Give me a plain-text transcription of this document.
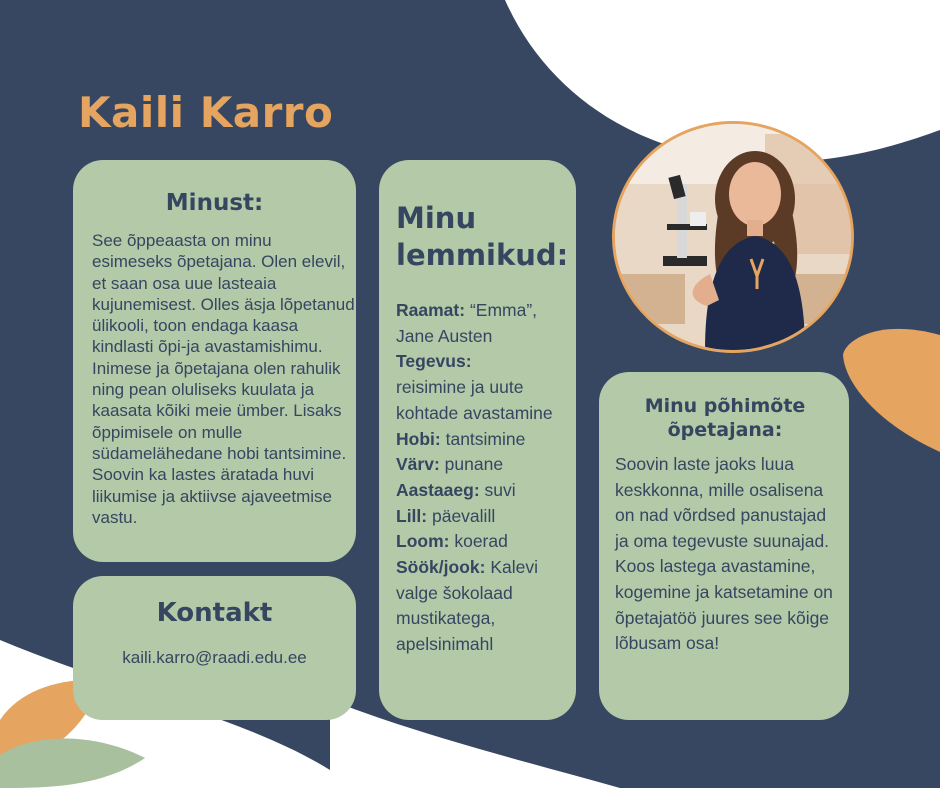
Kaili Karro
Minust:

See õppeaasta on minu esimeseks õpetajana. Olen elevil, et saan osa uue lasteaia kujunemisest. Olles äsja lõpetanud ülikooli, toon endaga kaasa kindlasti õpi-ja avastamishimu. Inimese ja õpetajana olen rahulik ning pean oluliseks kuulata ja kaasata kõiki meie ümber. Lisaks õppimisele on mulle südamelähedane hobi tantsimine. Soovin ka lastes äratada huvi liikumise ja aktiivse ajaveetmise vastu.

Kontakt

kaili.karro@raadi.edu.ee

Minu lemmikud:
Raamat: “Emma”, Jane Austen
Tegevus:
reisimine ja uute kohtade avastamine
Hobi: tantsimine
Värv: punane
Aastaaeg: suvi
Lill: päevalill
Loom: koerad
Söök/jook: Kalevi valge šokolaad mustikatega, apelsinimahl
Minu põhimõte õpetajana:

Soovin laste jaoks luua keskkonna, mille osalisena on nad võrdsed panustajad ja oma tegevuste suunajad. Koos lastega avastamine, kogemine ja katsetamine on õpetajatöö juures see kõige lõbusam osa!
